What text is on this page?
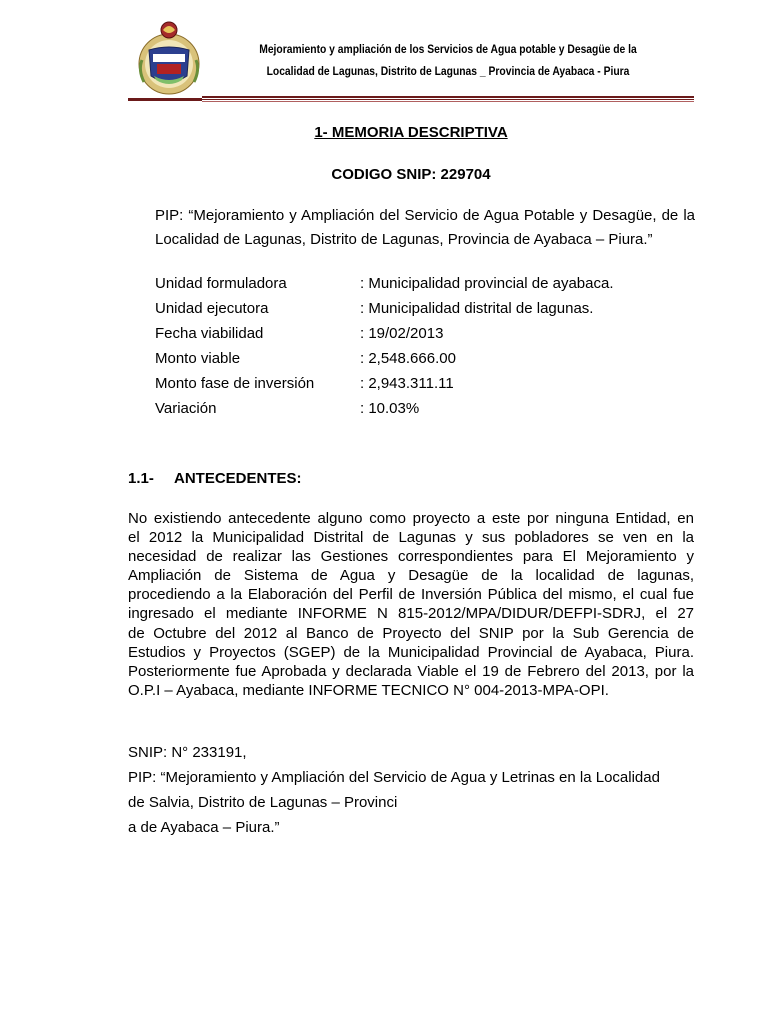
Mejoramiento y ampliación de los Servicios de Agua potable y Desagüe de la
Localidad de Lagunas, Distrito de Lagunas _ Provincia de Ayabaca - Piura
1- MEMORIA DESCRIPTIVA
CODIGO SNIP: 229704
PIP: “Mejoramiento y Ampliación del Servicio de Agua Potable y Desagüe, de la Localidad de Lagunas, Distrito de Lagunas, Provincia de Ayabaca – Piura.”
Unidad formuladora	: Municipalidad provincial de ayabaca.
Unidad ejecutora	: Municipalidad distrital de lagunas.
Fecha viabilidad	: 19/02/2013
Monto viable	: 2,548.666.00
Monto fase de inversión	: 2,943.311.11
Variación	: 10.03%
1.1- ANTECEDENTES:
No existiendo antecedente alguno como proyecto a este por ninguna Entidad, en
el 2012 la Municipalidad Distrital de Lagunas y sus pobladores se ven en la
necesidad de realizar las Gestiones correspondientes para El Mejoramiento y
Ampliación de Sistema de Agua y Desagüe de la localidad de lagunas,
procediendo a la Elaboración del Perfil de Inversión Pública del mismo, el cual fue
ingresado el mediante INFORME N 815-2012/MPA/DIDUR/DEFPI-SDRJ, el 27
de Octubre del 2012 al Banco de Proyecto del SNIP por la Sub Gerencia de
Estudios y Proyectos (SGEP) de la Municipalidad Provincial de Ayabaca, Piura.
Posteriormente fue Aprobada y declarada Viable el 19 de Febrero del 2013, por la
O.P.I – Ayabaca, mediante INFORME TECNICO N° 004-2013-MPA-OPI.
SNIP: N° 233191,
PIP: “Mejoramiento y Ampliación del Servicio de Agua y Letrinas en la Localidad
de Salvia, Distrito de Lagunas – Provinci
a de Ayabaca – Piura.”
